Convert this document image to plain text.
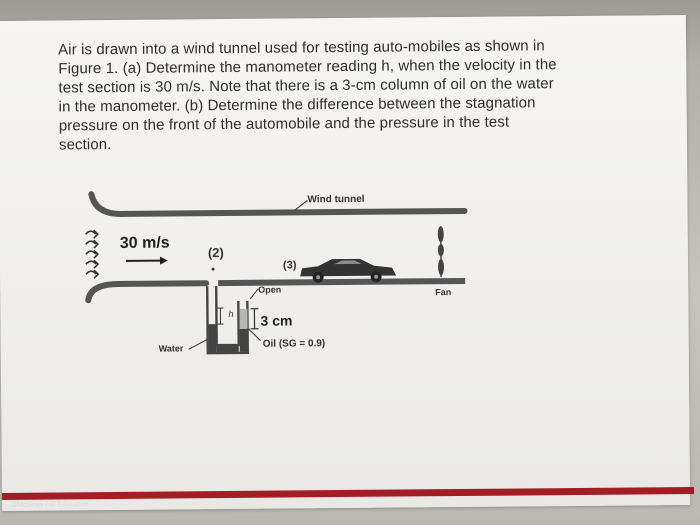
Air is drawn into a wind tunnel used for testing auto-mobiles as shown in
Figure 1. (a) Determine the manometer reading h, when the velocity in the
test section is 30 m/s. Note that there is a 3-cm column of oil on the water
in the manometer. (b) Determine the difference between the stagnation
pressure on the front of the automobile and the pressure in the test
section.

30 m/s
(2)
(3)
Wind tunnel
Fan
h 3 cm
Oil (SG = 0.9)
Open
Water
©McGraw-Hill Education
